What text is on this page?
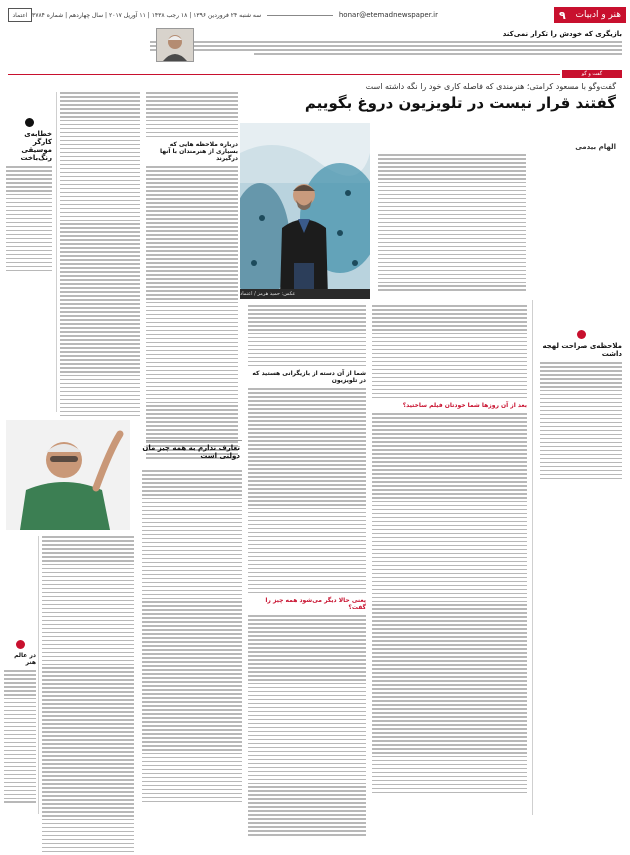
هنر و ادبیات
۹
honar@etemadnewspaper.ir
سه شنبه ۲۴ فروردین ۱۳۹۶ | ۱۸ رجب ۱۴۳۸ | ۱۱ آوریل ۲۰۱۷ | سال چهاردهم | شماره ۳۷۸۴
اعتماد
بازیگری که خودش را تکرار نمی‌کند
گفت و گو
گفت‌وگو با مسعود کرامتی؛ هنرمندی که فاصله کاری خود را نگه داشته است
گفتند قرار نیست در تلویزیون دروغ بگوییم
عکس: حمید هرمز / اعتماد
الهام بیدمی
ملاحظه‌ی صراحت لهجه داشت
بعد از آن روزها شما خودتان فیلم ساختید؟
شما از آن دسته از بازیگرانی هستید که در تلویزیون
یعنی حالا دیگر می‌شود همه چیز را گفت؟
درباره ملاحظه هایی که بسیاری از هنرمندان با آنها درگیرند
خطابه‌ی کارگر موسیقی رنگ‌باخت
تعارف ندارم به همه چیز مان دولتی است
در عالم هنر
